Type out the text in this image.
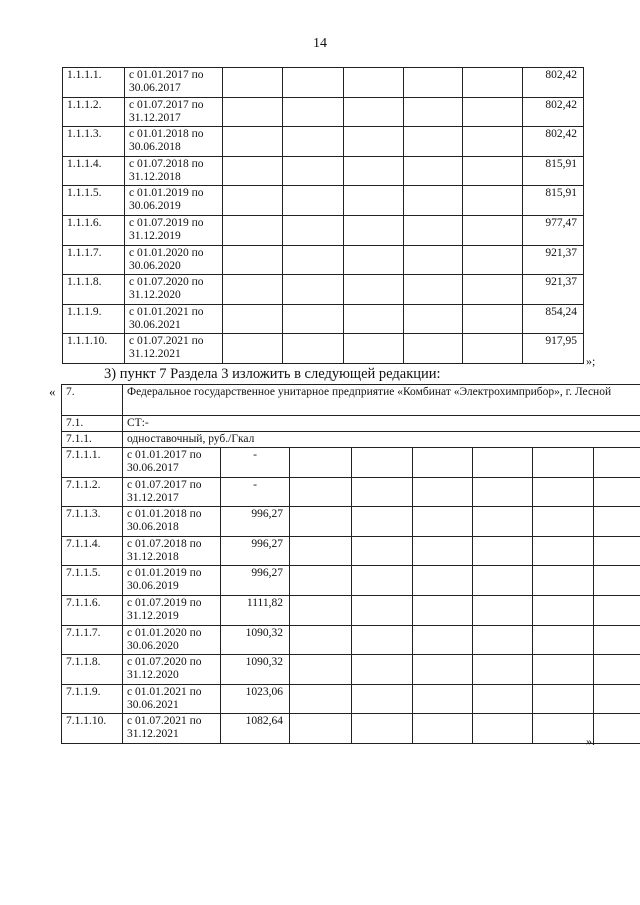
14
1.1.1.1.	с 01.01.2017 по 30.06.2017						802,42
1.1.1.2.	с 01.07.2017 по 31.12.2017						802,42
1.1.1.3.	с 01.01.2018 по 30.06.2018						802,42
1.1.1.4.	с 01.07.2018 по 31.12.2018						815,91
1.1.1.5.	с 01.01.2019 по 30.06.2019						815,91
1.1.1.6.	с 01.07.2019 по 31.12.2019						977,47
1.1.1.7.	с 01.01.2020 по 30.06.2020						921,37
1.1.1.8.	с 01.07.2020 по 31.12.2020						921,37
1.1.1.9.	с 01.01.2021 по 30.06.2021						854,24
1.1.1.10.	с 01.07.2021 по 31.12.2021						917,95
»;
3) пункт 7 Раздела 3 изложить в следующей редакции:
« 7.	Федеральное государственное унитарное предприятие «Комбинат «Электрохимприбор», г. Лесной							
7.1.	СТ:-							
7.1.1.	одноставочный, руб./Гкал							
7.1.1.1.	с 01.01.2017 по 30.06.2017	-						
7.1.1.2.	с 01.07.2017 по 31.12.2017	-						
7.1.1.3.	с 01.01.2018 по 30.06.2018	996,27						
7.1.1.4.	с 01.07.2018 по 31.12.2018	996,27						
7.1.1.5.	с 01.01.2019 по 30.06.2019	996,27						
7.1.1.6.	с 01.07.2019 по 31.12.2019	1111,82						
7.1.1.7.	с 01.01.2020 по 30.06.2020	1090,32						
7.1.1.8.	с 01.07.2020 по 31.12.2020	1090,32						
7.1.1.9.	с 01.01.2021 по 30.06.2021	1023,06						
7.1.1.10.	с 01.07.2021 по 31.12.2021	1082,64						
».
